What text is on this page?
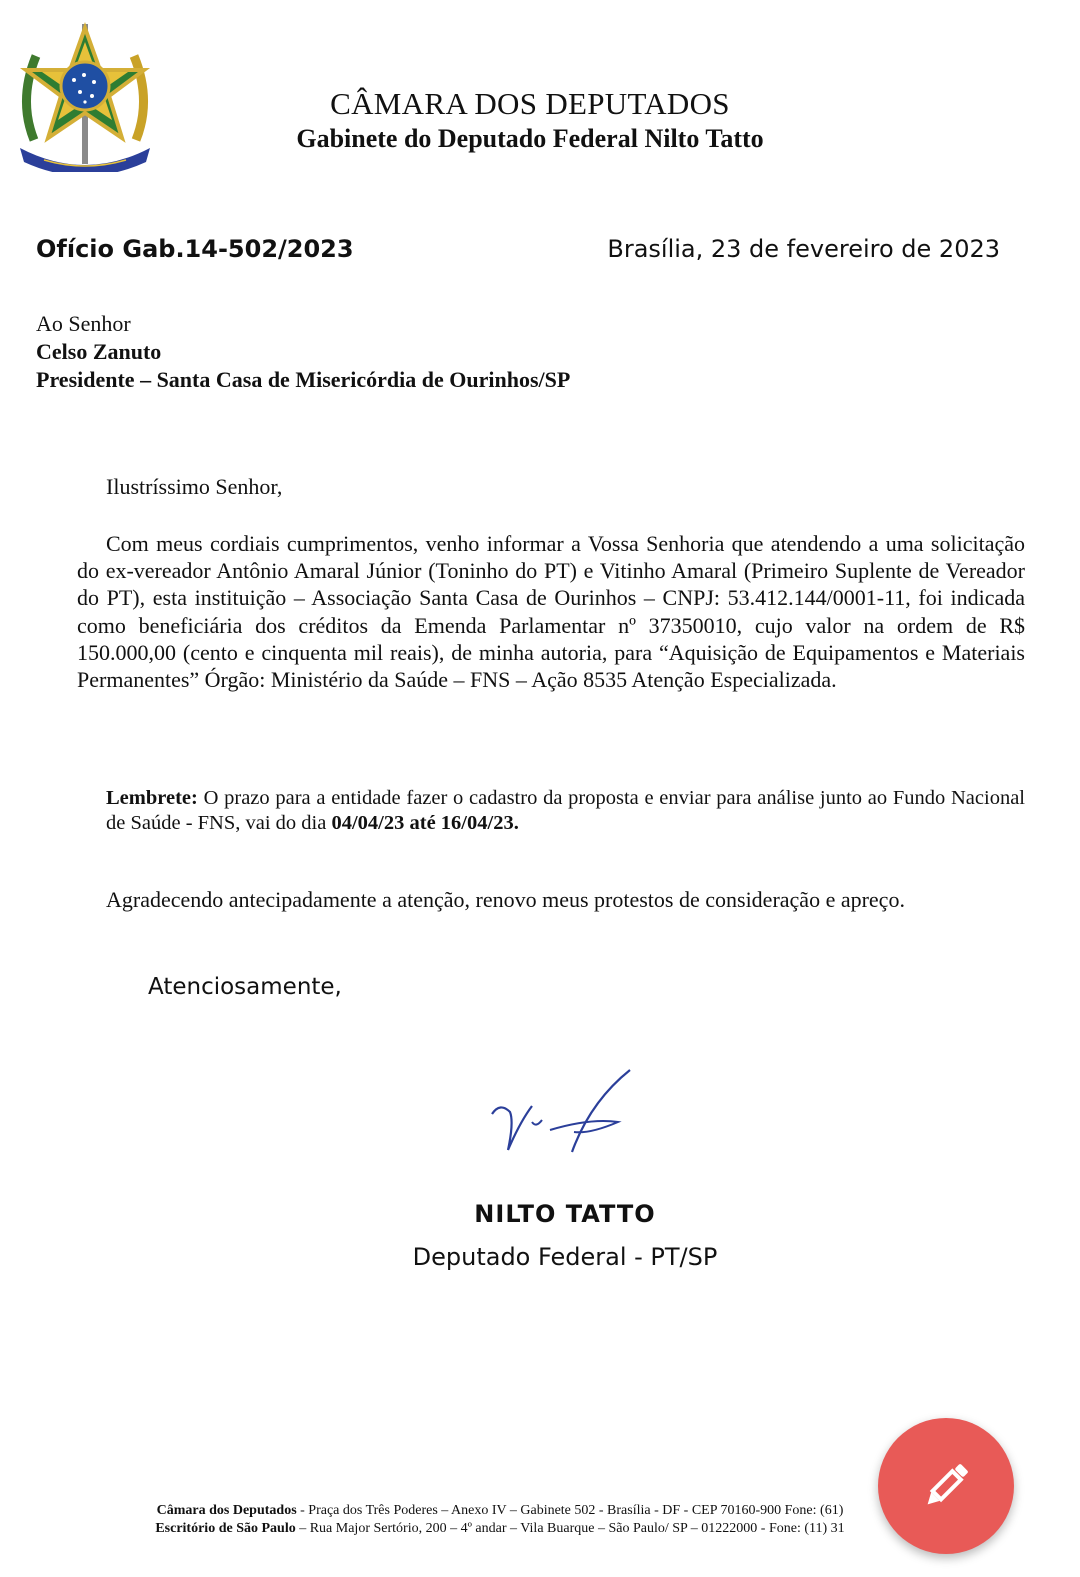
CÂMARA DOS DEPUTADOS
Gabinete do Deputado Federal Nilto Tatto
Ofício Gab.14-502/2023	Brasília, 23 de fevereiro de 2023
Ao Senhor
Celso Zanuto
Presidente – Santa Casa de Misericórdia de Ourinhos/SP
Ilustríssimo Senhor,
Com meus cordiais cumprimentos, venho informar a Vossa Senhoria que atendendo a uma solicitação do ex-vereador Antônio Amaral Júnior (Toninho do PT) e Vitinho Amaral (Primeiro Suplente de Vereador do PT), esta instituição – Associação Santa Casa de Ourinhos – CNPJ: 53.412.144/0001-11, foi indicada como beneficiária dos créditos da Emenda Parlamentar nº 37350010, cujo valor na ordem de R$ 150.000,00 (cento e cinquenta mil reais), de minha autoria, para “Aquisição de Equipamentos e Materiais Permanentes” Órgão: Ministério da Saúde – FNS – Ação 8535 Atenção Especializada.
Lembrete: O prazo para a entidade fazer o cadastro da proposta e enviar para análise junto ao Fundo Nacional de Saúde - FNS, vai do dia 04/04/23 até 16/04/23.
Agradecendo antecipadamente a atenção, renovo meus protestos de consideração e apreço.
Atenciosamente,
NILTO TATTO
Deputado Federal - PT/SP
Câmara dos Deputados - Praça dos Três Poderes – Anexo IV – Gabinete 502 - Brasília - DF - CEP 70160-900 Fone: (61)
Escritório de São Paulo – Rua Major Sertório, 200 – 4º andar – Vila Buarque – São Paulo/ SP – 01222000 - Fone: (11) 31
